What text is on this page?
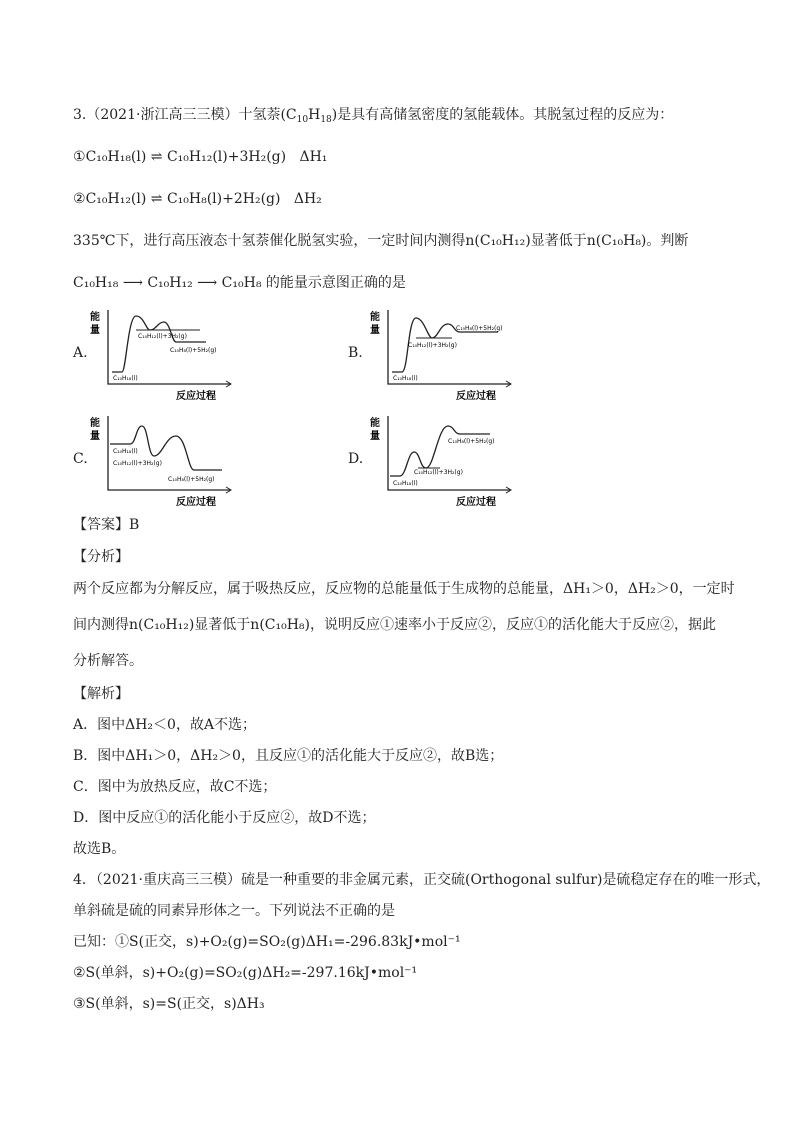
3.（2021·浙江高三三模）十氢萘$(C_{10}H_{18})$是具有高储氢密度的氢能载体。其脱氢过程的反应为：
①C₁₀H₁₈(l) ⇌ C₁₀H₁₂(l)+3H₂(g) ΔH₁
②C₁₀H₁₂(l) ⇌ C₁₀H₈(l)+2H₂(g) ΔH₂
335℃下，进行高压液态十氢萘催化脱氢实验，一定时间内测得n(C₁₀H₁₂)显著低于n(C₁₀H₈)。判断
C₁₀H₁₈ ⟶ C₁₀H₁₂ ⟶ C₁₀H₈ 的能量示意图正确的是
A.	B.
C.	D.
能
量
反应过程
C₁₀H₁₈(l)
C₁₀H₁₂(l)+3H₂(g)
C₁₀H₈(l)+5H₂(g)
能
量
反应过程
C₁₀H₁₈(l)
C₁₀H₁₂(l)+3H₂(g)
C₁₀H₈(l)+5H₂(g)
能
量
反应过程
C₁₀H₁₈(l)
C₁₀H₁₂(l)+3H₂(g)
C₁₀H₈(l)+5H₂(g)
能
量
反应过程
C₁₀H₁₈(l)
C₁₀H₁₂(l)+3H₂(g)
C₁₀H₈(l)+5H₂(g)
【答案】B
【分析】
两个反应都为分解反应，属于吸热反应，反应物的总能量低于生成物的总能量，ΔH₁＞0，ΔH₂＞0，一定时
间内测得n(C₁₀H₁₂)显著低于n(C₁₀H₈)，说明反应①速率小于反应②，反应①的活化能大于反应②，据此
分析解答。
【解析】
A．图中ΔH₂＜0，故A不选；
B．图中ΔH₁＞0，ΔH₂＞0，且反应①的活化能大于反应②，故B选；
C．图中为放热反应，故C不选；
D．图中反应①的活化能小于反应②，故D不选；
故选B。
4．（2021·重庆高三三模）硫是一种重要的非金属元素，正交硫(Orthogonal sulfur)是硫稳定存在的唯一形式，
单斜硫是硫的同素异形体之一。下列说法不正确的是
已知：①S(正交，s)+O₂(g)=SO₂(g)ΔH₁=-296.83kJ•mol⁻¹
②S(单斜，s)+O₂(g)=SO₂(g)ΔH₂=-297.16kJ•mol⁻¹
③S(单斜，s)=S(正交，s)ΔH₃
